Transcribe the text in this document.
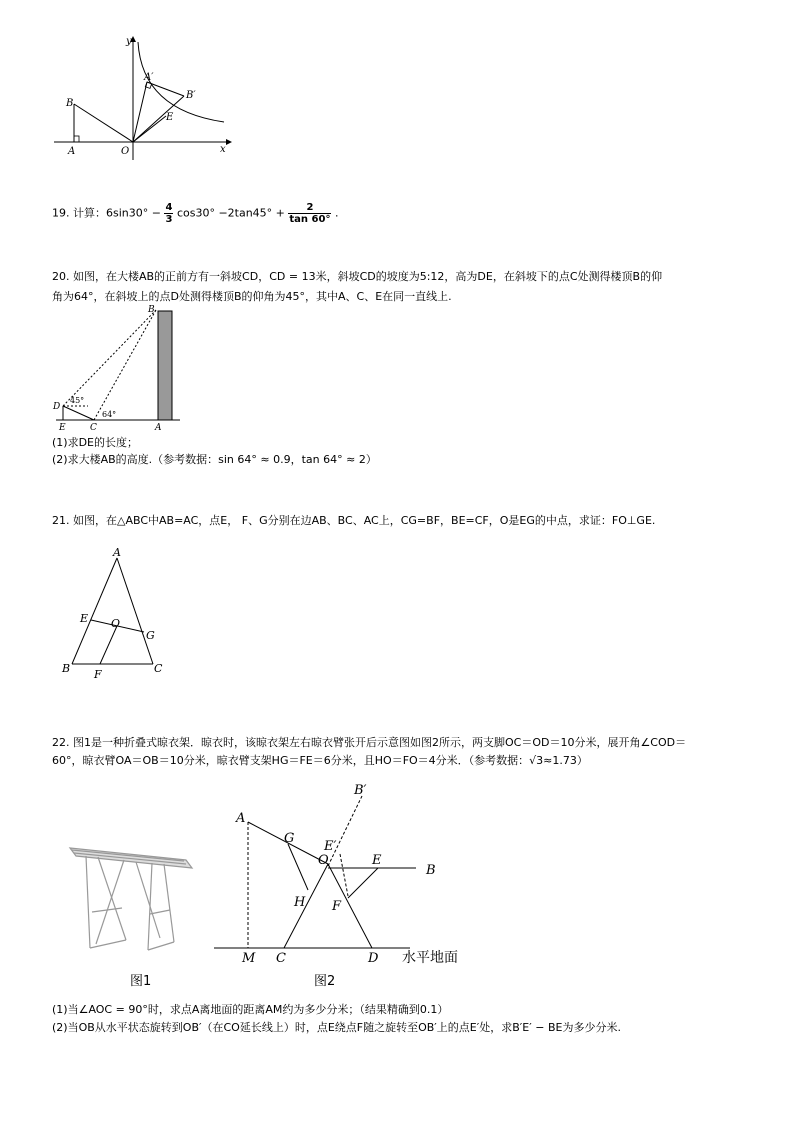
y
x
O
A
B
A′
B′
E
19. 计算：$6\sin 30^\circ - \frac{4}{3} \cos 30^\circ -2\tan 45^\circ + \frac{2}{\tan 60^\circ}$ .
20. 如图，在大楼AB的正前方有一斜坡CD，CD = 13米，斜坡CD的坡度为5:12，高为DE，在斜坡下的点C处测得楼顶B的仰
角为64°，在斜坡上的点D处测得楼顶B的仰角为45°，其中A、C、E在同一直线上.
B
D
E	C	A
45°
64°
(1)求DE的长度；
(2)求大楼AB的高度.（参考数据：sin 64° ≈ 0.9，tan 64° ≈ 2）
21. 如图，在△ABC中AB=AC，点E， F、G分别在边AB、BC、AC上，CG=BF，BE=CF，O是EG的中点，求证：FO⊥GE.
A
E O
G
B F	C
22. 图1是一种折叠式晾衣架．晾衣时，该晾衣架左右晾衣臂张开后示意图如图2所示，两支脚OC＝OD＝10分米，展开角∠COD＝
60°，晾衣臂OA＝OB＝10分米，晾衣臂支架HG＝FE＝6分米，且HO＝FO＝4分米．（参考数据：√3≈1.73）
图1
A
B
B′
E′
O
G
E
H F
M C	D 水平地面
图2
(1)当∠AOC = 90°时，求点A离地面的距离AM约为多少分米；（结果精确到0.1）
(2)当OB从水平状态旋转到OB′（在CO延长线上）时，点E绕点F随之旋转至OB′上的点E′处，求B′E′ − BE为多少分米.
